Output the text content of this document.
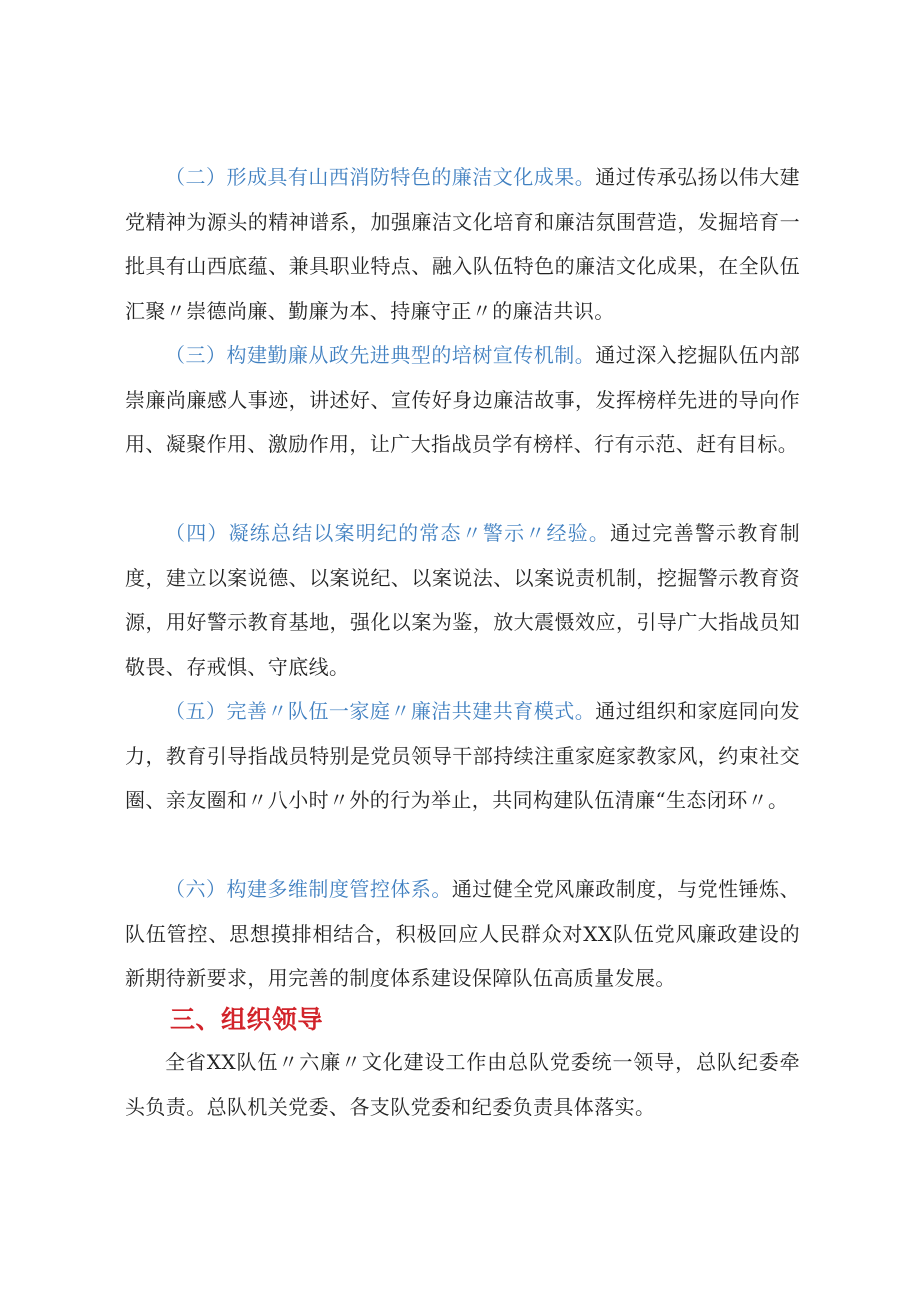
（二）形成具有山西消防特色的廉洁文化成果。通过传承弘扬以伟大建党精神为源头的精神谱系，加强廉洁文化培育和廉洁氛围营造，发掘培育一批具有山西底蕴、兼具职业特点、融入队伍特色的廉洁文化成果，在全队伍汇聚〃崇德尚廉、勤廉为本、持廉守正〃的廉洁共识。

（三）构建勤廉从政先进典型的培树宣传机制。通过深入挖掘队伍内部崇廉尚廉感人事迹，讲述好、宣传好身边廉洁故事，发挥榜样先进的导向作用、凝聚作用、激励作用，让广大指战员学有榜样、行有示范、赶有目标。

（四）凝练总结以案明纪的常态〃警示〃经验。通过完善警示教育制度，建立以案说德、以案说纪、以案说法、以案说责机制，挖掘警示教育资源，用好警示教育基地，强化以案为鉴，放大震慑效应，引导广大指战员知敬畏、存戒惧、守底线。

（五）完善〃队伍一家庭〃廉洁共建共育模式。通过组织和家庭同向发力，教育引导指战员特别是党员领导干部持续注重家庭家教家风，约束社交圈、亲友圈和〃八小时〃外的行为举止，共同构建队伍清廉“生态闭环〃。

（六）构建多维制度管控体系。通过健全党风廉政制度，与党性锤炼、队伍管控、思想摸排相结合，积极回应人民群众对XX队伍党风廉政建设的新期待新要求，用完善的制度体系建设保障队伍高质量发展。

三、组织领导

全省XX队伍〃六廉〃文化建设工作由总队党委统一领导，总队纪委牵头负责。总队机关党委、各支队党委和纪委负责具体落实。
